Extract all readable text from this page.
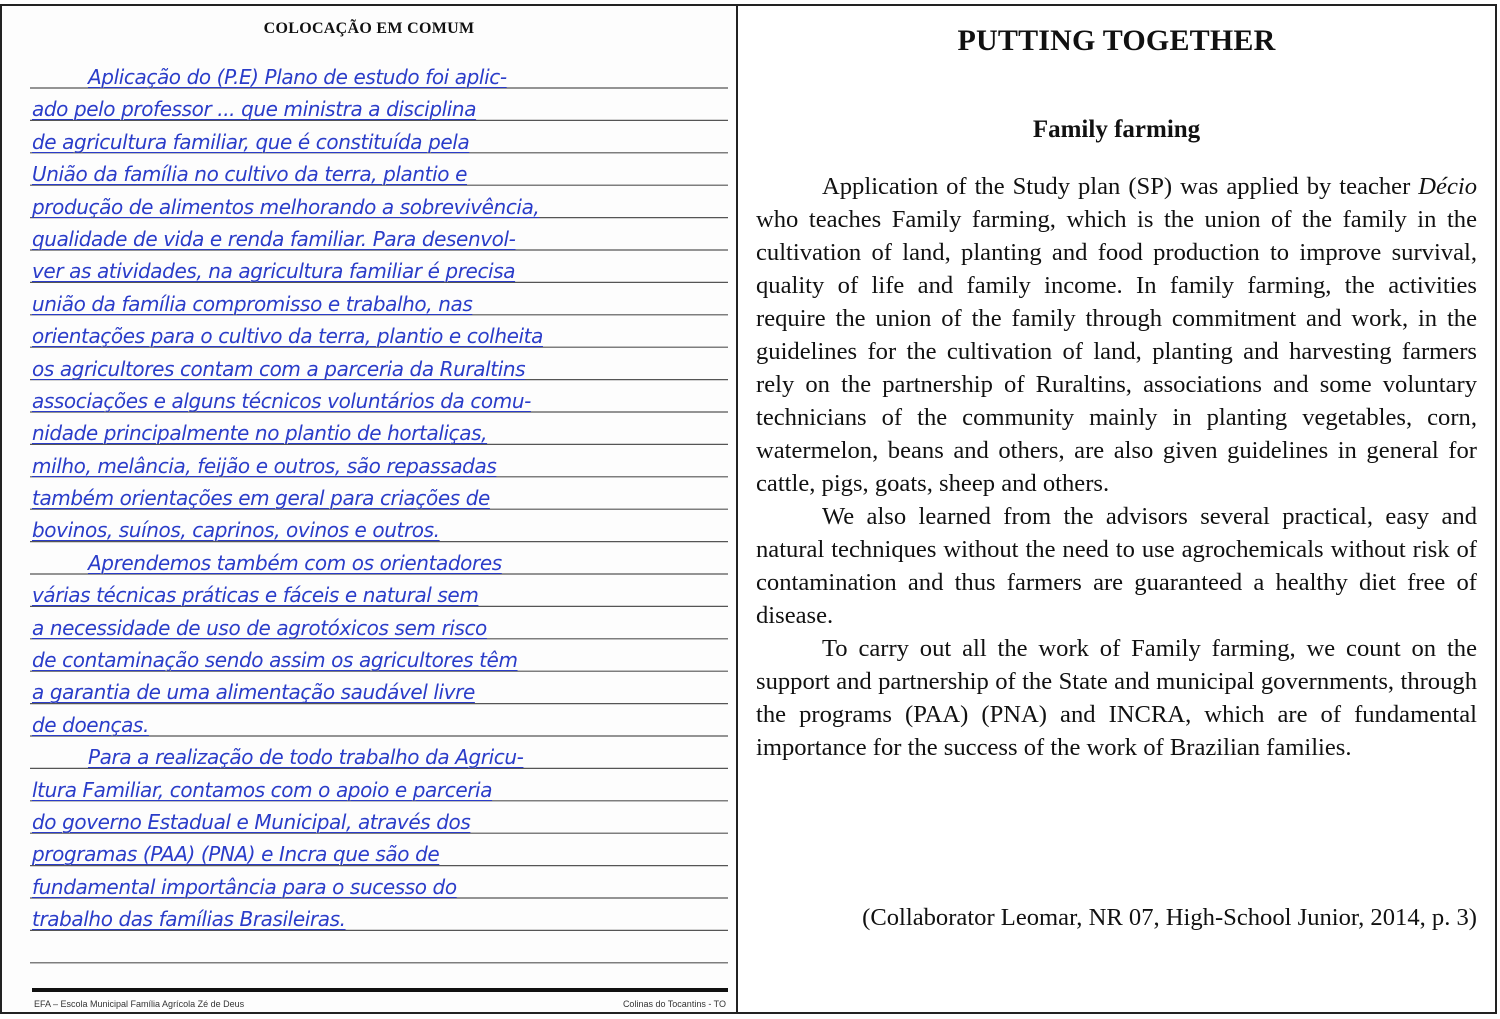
COLOCAÇÃO EM COMUM
Aplicação do (P.E) Plano de estudo foi aplic-
ado pelo professor ... que ministra a disciplina
de agricultura familiar, que é constituída pela
União da família no cultivo da terra, plantio e
produção de alimentos melhorando a sobrevivência,
qualidade de vida e renda familiar. Para desenvol-
ver as atividades, na agricultura familiar é precisa
união da família compromisso e trabalho, nas
orientações para o cultivo da terra, plantio e colheita
os agricultores contam com a parceria da Ruraltins
associações e alguns técnicos voluntários da comu-
nidade principalmente no plantio de hortaliças,
milho, melância, feijão e outros, são repassadas
também orientações em geral para criações de
bovinos, suínos, caprinos, ovinos e outros.
Aprendemos também com os orientadores
várias técnicas práticas e fáceis e natural sem
a necessidade de uso de agrotóxicos sem risco
de contaminação sendo assim os agricultores têm
a garantia de uma alimentação saudável livre
de doenças.
Para a realização de todo trabalho da Agricu-
ltura Familiar, contamos com o apoio e parceria
do governo Estadual e Municipal, através dos
programas (PAA) (PNA) e Incra que são de
fundamental importância para o sucesso do
trabalho das famílias Brasileiras.
EFA – Escola Municipal Família Agrícola Zé de Deus	Colinas do Tocantins - TO
PUTTING TOGETHER
Family farming

Application of the Study plan (SP) was applied by teacher Décio who teaches Family farming, which is the union of the family in the cultivation of land, planting and food production to improve survival, quality of life and family income. In family farming, the activities require the union of the family through commitment and work, in the guidelines for the cultivation of land, planting and harvesting farmers rely on the partnership of Ruraltins, associations and some voluntary technicians of the community mainly in planting vegetables, corn, watermelon, beans and others, are also given guidelines in general for cattle, pigs, goats, sheep and others.

We also learned from the advisors several practical, easy and natural techniques without the need to use agrochemicals without risk of contamination and thus farmers are guaranteed a healthy diet free of disease.

To carry out all the work of Family farming, we count on the support and partnership of the State and municipal governments, through the programs (PAA) (PNA) and INCRA, which are of fundamental importance for the success of the work of Brazilian families.

(Collaborator Leomar, NR 07, High-School Junior, 2014, p. 3)
